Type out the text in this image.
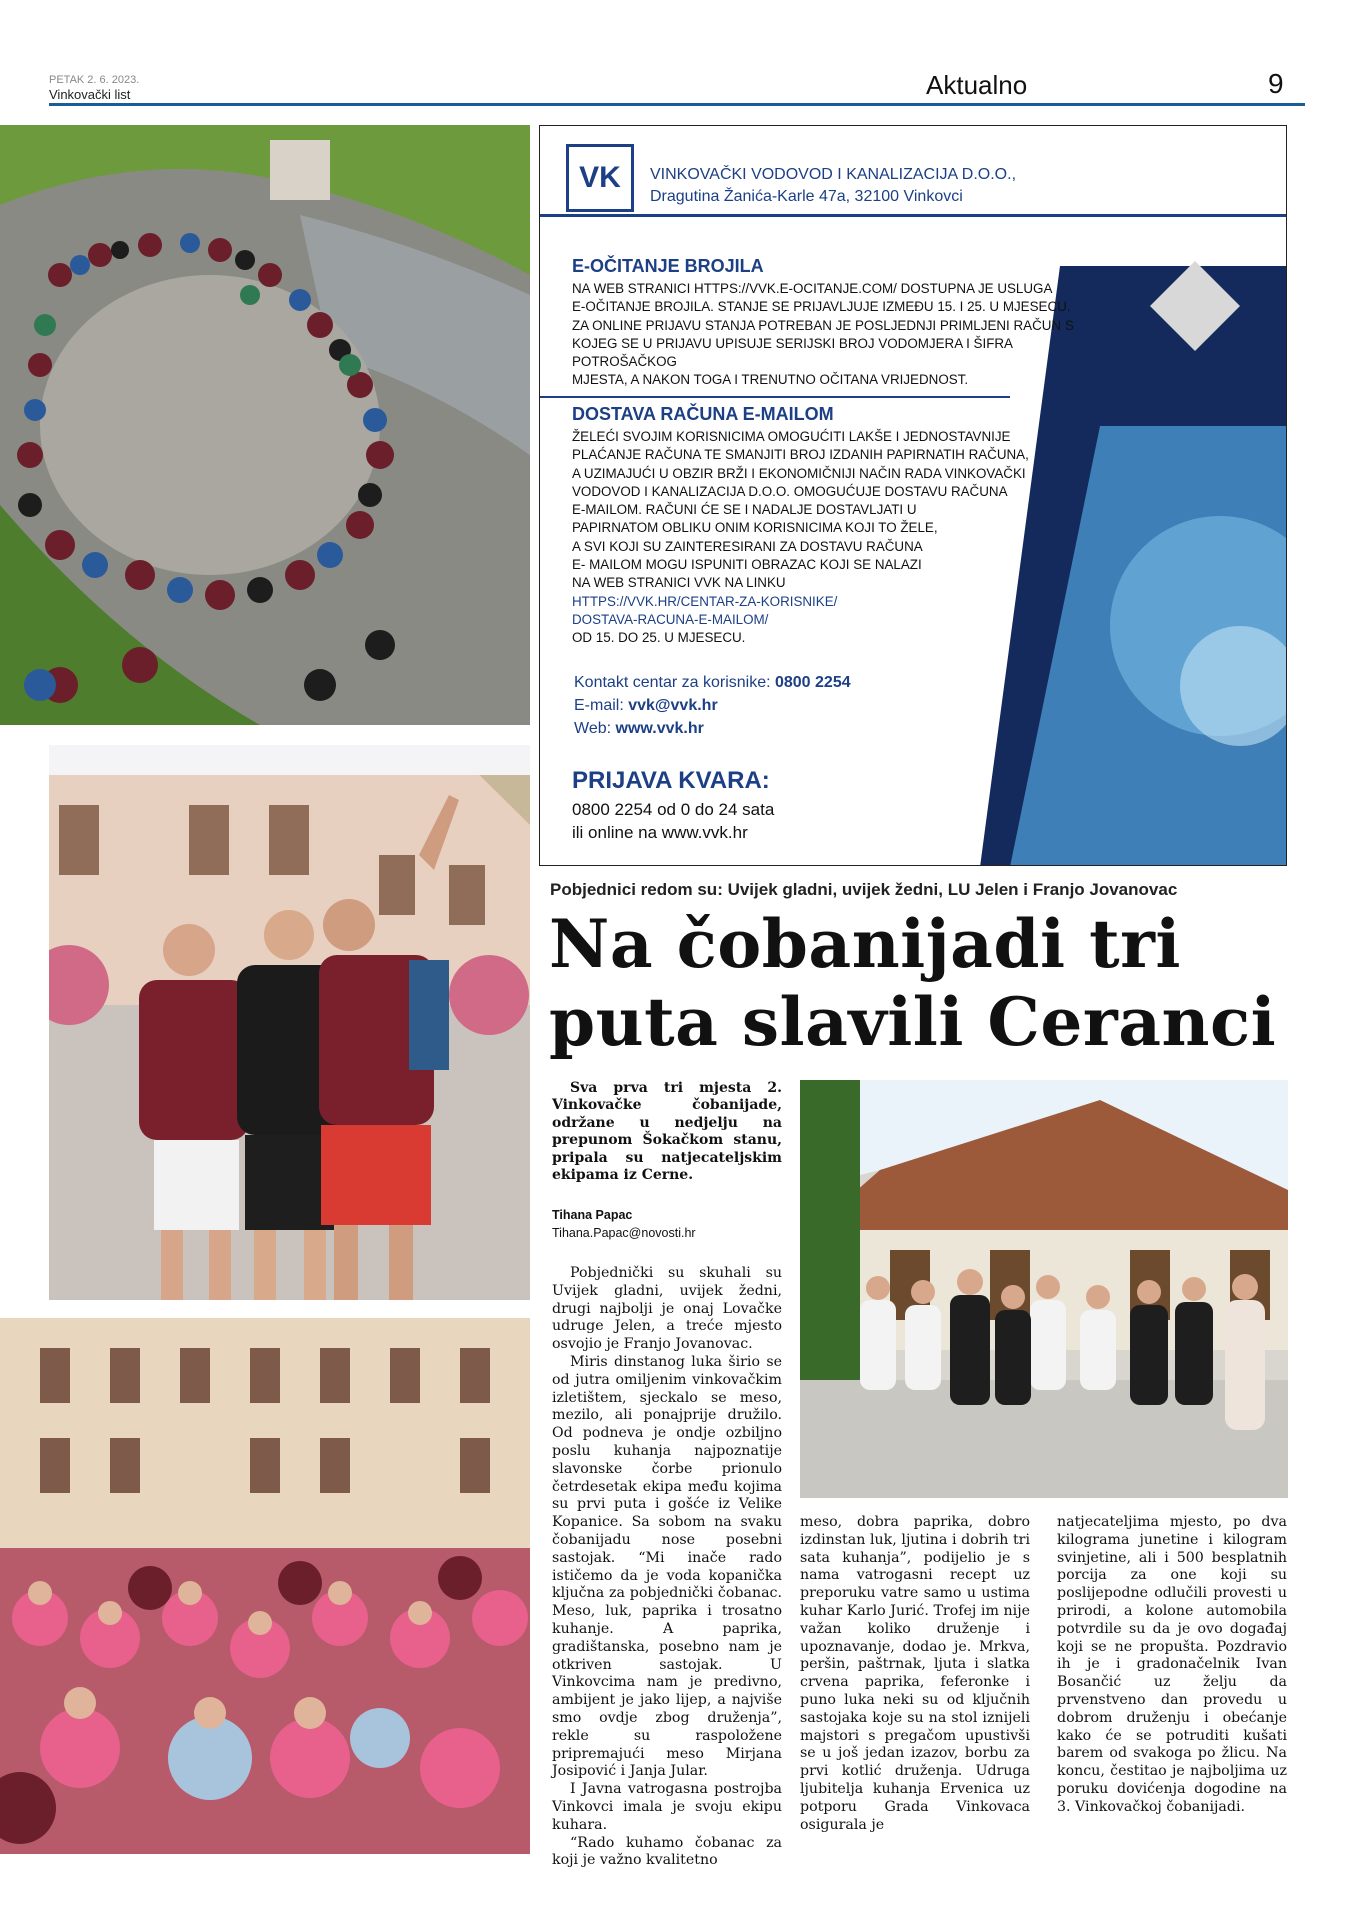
PETAK 2. 6. 2023.
Vinkovački list	Aktualno	9
VK	VINKOVAČKI VODOVOD I KANALIZACIJA D.O.O.,
Dragutina Žanića-Karle 47a, 32100 Vinkovci
E-OČITANJE BROJILA
NA WEB STRANICI HTTPS://VVK.E-OCITANJE.COM/ DOSTUPNA JE USLUGA
E-OČITANJE BROJILA. STANJE SE PRIJAVLJUJE IZMEĐU 15. I 25. U MJESECU.
ZA ONLINE PRIJAVU STANJA POTREBAN JE POSLJEDNJI PRIMLJENI RAČUN S
KOJEG SE U PRIJAVU UPISUJE SERIJSKI BROJ VODOMJERA I ŠIFRA POTROŠAČKOG
MJESTA, A NAKON TOGA I TRENUTNO OČITANA VRIJEDNOST.
DOSTAVA RAČUNA E-MAILOM
ŽELEĆI SVOJIM KORISNICIMA OMOGUĆITI LAKŠE I JEDNOSTAVNIJE
PLAĆANJE RAČUNA TE SMANJITI BROJ IZDANIH PAPIRNATIH RAČUNA,
A UZIMAJUĆI U OBZIR BRŽI I EKONOMIČNIJI NAČIN RADA VINKOVAČKI
VODOVOD I KANALIZACIJA D.O.O. OMOGUĆUJE DOSTAVU RAČUNA
E-MAILOM. RAČUNI ĆE SE I NADALJE DOSTAVLJATI U
PAPIRNATOM OBLIKU ONIM KORISNICIMA KOJI TO ŽELE,
A SVI KOJI SU ZAINTERESIRANI ZA DOSTAVU RAČUNA
E- MAILOM MOGU ISPUNITI OBRAZAC KOJI SE NALAZI
NA WEB STRANICI VVK NA LINKU
HTTPS://VVK.HR/CENTAR-ZA-KORISNIKE/
DOSTAVA-RACUNA-E-MAILOM/
OD 15. DO 25. U MJESECU.
Kontakt centar za korisnike: 0800 2254
E-mail: vvk@vvk.hr
Web: www.vvk.hr
PRIJAVA KVARA:
0800 2254 od 0 do 24 sata
ili online na www.vvk.hr
Pobjednici redom su: Uvijek gladni, uvijek žedni, LU Jelen i Franjo Jovanovac
Na čobanijadi tri
puta slavili Ceranci
Sva prva tri mjesta 2. Vinkovačke čobanijade, održane u nedjelju na prepunom Šokačkom stanu, pripala su natjecateljskim ekipama iz Cerne.
Tihana Papac
Tihana.Papac@novosti.hr

Pobjednički su skuhali su Uvijek gladni, uvijek žedni, drugi najbolji je onaj Lovačke udruge Jelen, a treće mjesto osvojio je Franjo Jovanovac.

Miris dinstanog luka širio se od jutra omiljenim vinkovačkim izletištem, sjeckalo se meso, mezilo, ali ponajprije družilo. Od podneva je ondje ozbiljno poslu kuhanja najpoznatije slavonske čorbe prionulo četrdesetak ekipa među kojima su prvi puta i gošće iz Velike Kopanice. Sa sobom na svaku čobanijadu nose posebni sastojak. “Mi inače rado ističemo da je voda kopanička ključna za pobjednički čobanac. Meso, luk, paprika i trosatno kuhanje. A paprika, gradištanska, posebno nam je otkriven sastojak. U Vinkovcima nam je predivno, ambijent je jako lijep, a najviše smo ovdje zbog druženja”, rekle su raspoložene pripremajući meso Mirjana Josipović i Janja Jular.

I Javna vatrogasna postrojba Vinkovci imala je svoju ekipu kuhara.

“Rado kuhamo čobanac za koji je važno kvalitetno

meso, dobra paprika, dobro izdinstan luk, ljutina i dobrih tri sata kuhanja”, podijelio je s nama vatrogasni recept uz preporuku vatre samo u ustima kuhar Karlo Jurić. Trofej im nije važan koliko druženje i upoznavanje, dodao je. Mrkva, peršin, paštrnak, ljuta i slatka crvena paprika, feferonke i puno luka neki su od ključnih sastojaka koje su na stol iznijeli majstori s pregačom upustivši se u još jedan izazov, borbu za prvi kotlić druženja. Udruga ljubitelja kuhanja Ervenica uz potporu Grada Vinkovaca osigurala je

natjecateljima mjesto, po dva kilograma junetine i kilogram svinjetine, ali i 500 besplatnih porcija za one koji su poslijepodne odlučili provesti u prirodi, a kolone automobila potvrdile su da je ovo događaj koji se ne propušta. Pozdravio ih je i gradonačelnik Ivan Bosančić uz želju da prvenstveno dan provedu u dobrom druženju i obećanje kako će se potruditi kušati barem od svakoga po žlicu. Na koncu, čestitao je najboljima uz poruku dovićenja dogodine na 3. Vinkovačkoj čobanijadi.
